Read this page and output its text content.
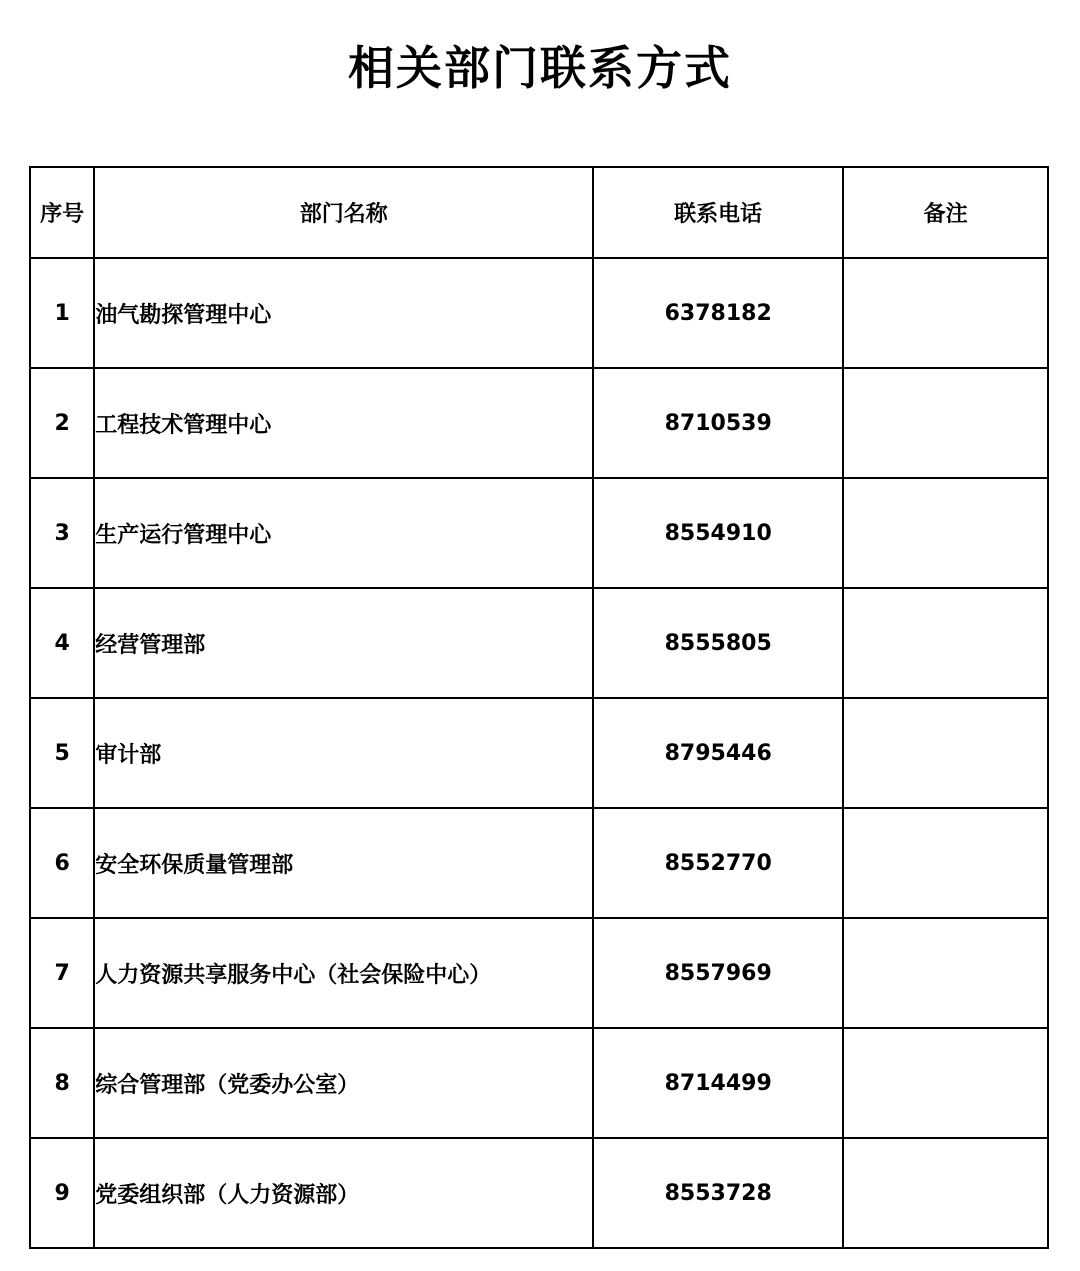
相关部门联系方式
序号	部门名称	联系电话	备注
1	油气勘探管理中心	6378182	
2	工程技术管理中心	8710539	
3	生产运行管理中心	8554910	
4	经营管理部	8555805	
5	审计部	8795446	
6	安全环保质量管理部	8552770	
7	人力资源共享服务中心（社会保险中心）	8557969	
8	综合管理部（党委办公室）	8714499	
9	党委组织部（人力资源部）	8553728	
